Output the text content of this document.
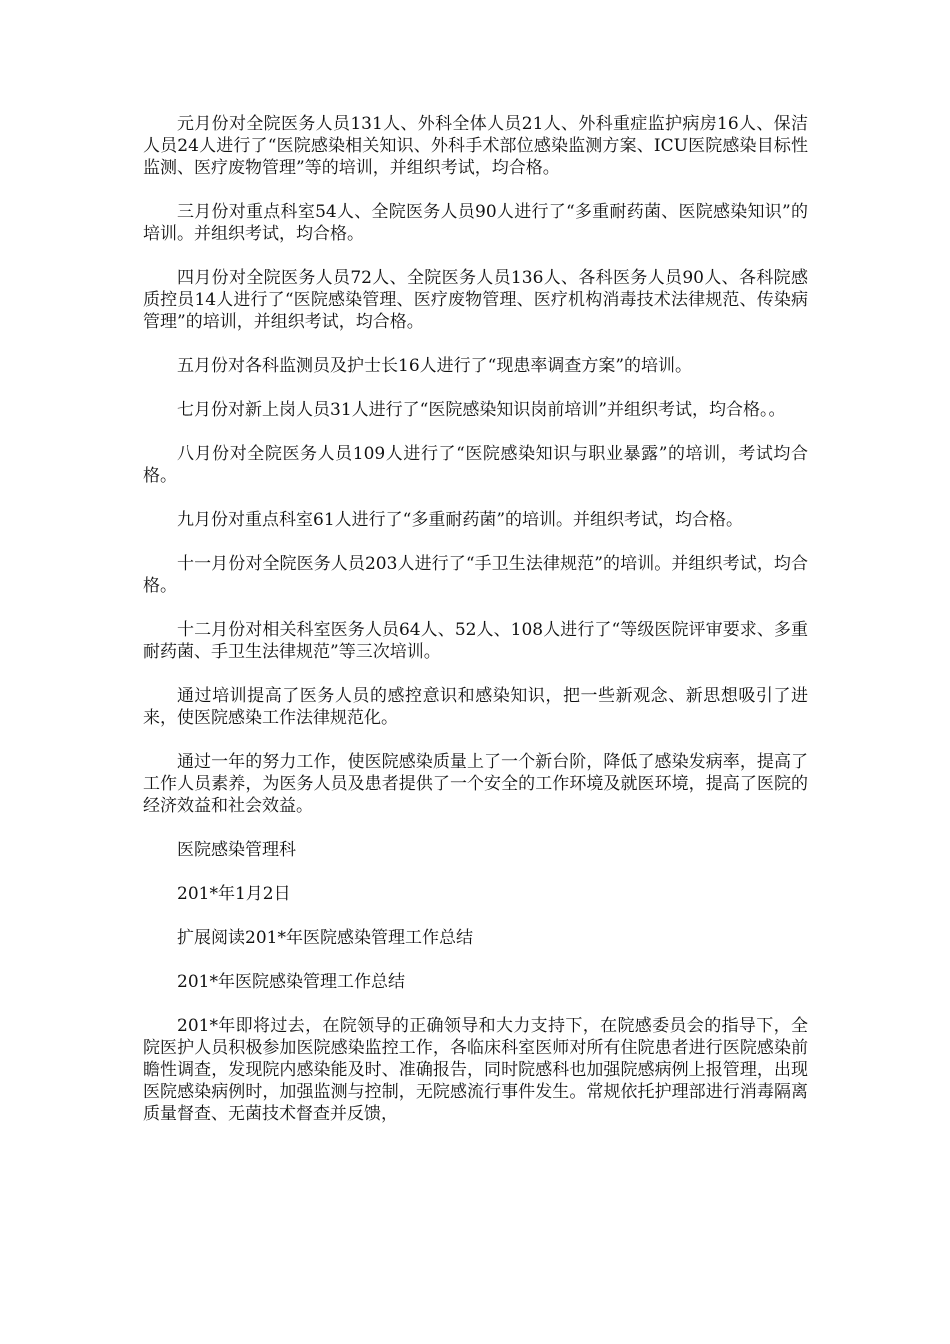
元月份对全院医务人员131人、外科全体人员21人、外科重症监护病房16人、保洁人员24人进行了“医院感染相关知识、外科手术部位感染监测方案、ICU医院感染目标性监测、医疗废物管理”等的培训，并组织考试，均合格。

三月份对重点科室54人、全院医务人员90人进行了“多重耐药菌、医院感染知识”的培训。并组织考试，均合格。

四月份对全院医务人员72人、全院医务人员136人、各科医务人员90人、各科院感质控员14人进行了“医院感染管理、医疗废物管理、医疗机构消毒技术法律规范、传染病管理”的培训，并组织考试，均合格。

五月份对各科监测员及护士长16人进行了“现患率调查方案”的培训。

七月份对新上岗人员31人进行了“医院感染知识岗前培训”并组织考试，均合格。。

八月份对全院医务人员109人进行了“医院感染知识与职业暴露”的培训，考试均合格。

九月份对重点科室61人进行了“多重耐药菌”的培训。并组织考试，均合格。

十一月份对全院医务人员203人进行了“手卫生法律规范”的培训。并组织考试，均合格。

十二月份对相关科室医务人员64人、52人、108人进行了“等级医院评审要求、多重耐药菌、手卫生法律规范”等三次培训。

通过培训提高了医务人员的感控意识和感染知识，把一些新观念、新思想吸引了进来，使医院感染工作法律规范化。

通过一年的努力工作，使医院感染质量上了一个新台阶，降低了感染发病率，提高了工作人员素养，为医务人员及患者提供了一个安全的工作环境及就医环境，提高了医院的经济效益和社会效益。

医院感染管理科

201*年1月2日

扩展阅读201*年医院感染管理工作总结

201*年医院感染管理工作总结

201*年即将过去，在院领导的正确领导和大力支持下，在院感委员会的指导下，全院医护人员积极参加医院感染监控工作，各临床科室医师对所有住院患者进行医院感染前瞻性调查，发现院内感染能及时、准确报告，同时院感科也加强院感病例上报管理，出现医院感染病例时，加强监测与控制，无院感流行事件发生。常规依托护理部进行消毒隔离质量督查、无菌技术督查并反馈，
